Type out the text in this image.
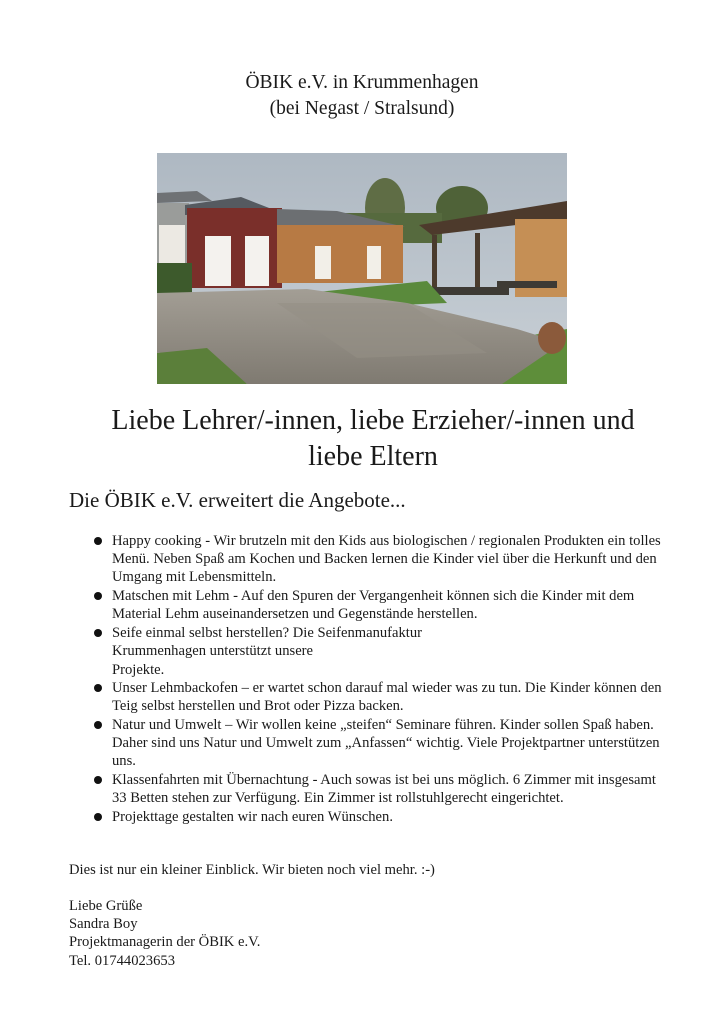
ÖBIK e.V. in Krummenhagen
(bei Negast / Stralsund)
Liebe Lehrer/-innen, liebe Erzieher/-innen und
liebe Eltern
Die ÖBIK e.V. erweitert die Angebote...
Happy cooking - Wir brutzeln mit den Kids aus biologischen / regionalen Produkten ein tolles Menü. Neben Spaß am Kochen und Backen lernen die Kinder viel über die Herkunft und den Umgang mit Lebensmitteln.
Matschen mit Lehm - Auf den Spuren der Vergangenheit können sich die Kinder mit dem Material Lehm auseinandersetzen und Gegenstände herstellen.
Seife einmal selbst herstellen? Die Seifenmanufaktur Krummenhagen unterstützt unsere
Projekte.
Unser Lehmbackofen – er wartet schon darauf mal wieder was zu tun. Die Kinder können den Teig selbst herstellen und Brot oder Pizza backen.
Natur und Umwelt – Wir wollen keine „steifen“ Seminare führen. Kinder sollen Spaß haben. Daher sind uns Natur und Umwelt zum „Anfassen“ wichtig. Viele Projektpartner unterstützen uns.
Klassenfahrten mit Übernachtung - Auch sowas ist bei uns möglich. 6 Zimmer mit insgesamt 33 Betten stehen zur Verfügung. Ein Zimmer ist rollstuhlgerecht eingerichtet.
Projekttage gestalten wir nach euren Wünschen.
Dies ist nur ein kleiner Einblick. Wir bieten noch viel mehr. :-)
Liebe Grüße
Sandra Boy
Projektmanagerin der ÖBIK e.V.
Tel. 01744023653
